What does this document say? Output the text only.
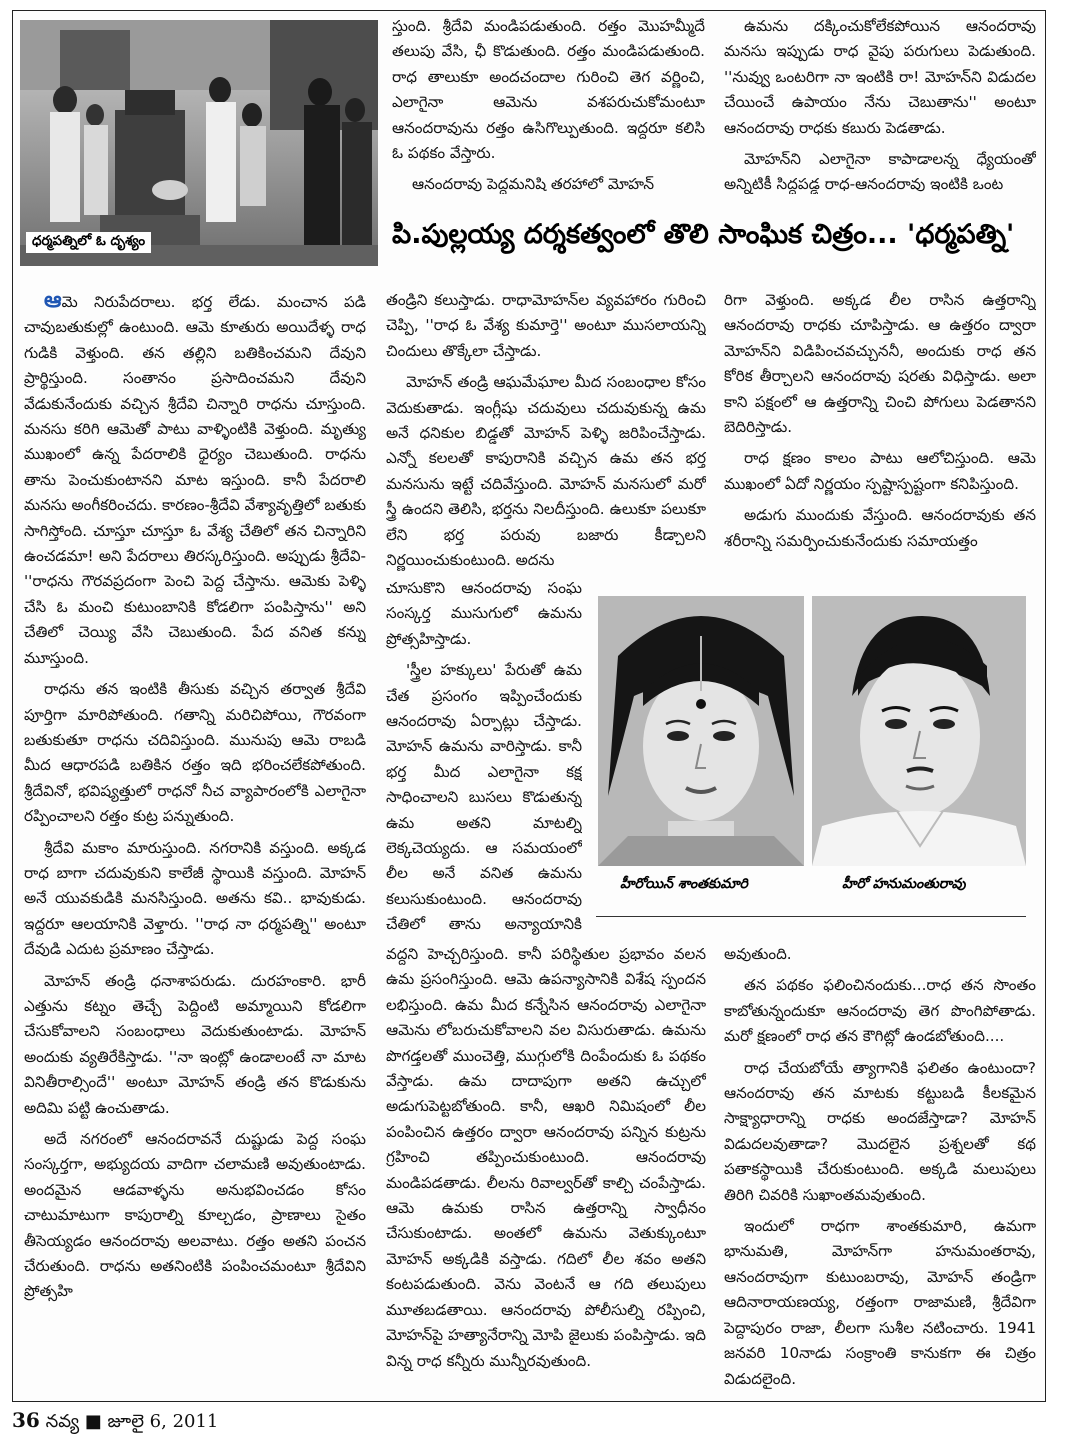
ధర్మపత్నిలో ఓ దృశ్యం

స్తుంది. శ్రీదేవి మండిపడుతుంది. రత్తం మొహమ్మీదే తలుపు వేసి, ఛీ కొడుతుంది. రత్తం మండిపడుతుంది. రాధ తాలుకూ అందచందాల గురించి తెగ వర్ణించి, ఎలాగైనా ఆమెను వశపరుచుకోమంటూ ఆనందరావును రత్తం ఉసిగొల్పుతుంది. ఇద్దరూ కలిసి ఓ పథకం వేస్తారు.

ఆనందరావు పెద్దమనిషి తరహాలో మోహన్

ఉమను దక్కించుకోలేకపోయిన ఆనందరావు మనసు ఇప్పుడు రాధ వైపు పరుగులు పెడుతుంది. ''నువ్వు ఒంటరిగా నా ఇంటికి రా! మోహన్‌ని విడుదల చేయించే ఉపాయం నేను చెబుతాను'' అంటూ ఆనందరావు రాధకు కబురు పెడతాడు.

మోహన్‌ని ఎలాగైనా కాపాడాలన్న ధ్యేయంతో అన్నిటికీ సిద్ధపడ్డ రాధ-ఆనందరావు ఇంటికి ఒంట

పి.పుల్లయ్య దర్శకత్వంలో తొలి సాంఘిక చిత్రం... 'ధర్మపత్ని'

ఆమె నిరుపేదరాలు. భర్త లేడు. మంచాన పడి చావుబతుకుల్లో ఉంటుంది. ఆమె కూతురు అయిదేళ్ళ రాధ గుడికి వెళ్తుంది. తన తల్లిని బతికించమని దేవుని ప్రార్థిస్తుంది. సంతానం ప్రసాదించమని దేవుని వేడుకునేందుకు వచ్చిన శ్రీదేవి చిన్నారి రాధను చూస్తుంది. మనసు కరిగి ఆమెతో పాటు వాళ్ళింటికి వెళ్తుంది. మృత్యు ముఖంలో ఉన్న పేదరాలికి ధైర్యం చెబుతుంది. రాధను తాను పెంచుకుంటానని మాట ఇస్తుంది. కానీ పేదరాలి మనసు అంగీకరించదు. కారణం-శ్రీదేవి వేశ్యావృత్తిలో బతుకు సాగిస్తోంది. చూస్తూ చూస్తూ ఓ వేశ్య చేతిలో తన చిన్నారిని ఉంచడమా! అని పేదరాలు తిరస్కరిస్తుంది. అప్పుడు శ్రీదేవి-''రాధను గౌరవప్రదంగా పెంచి పెద్ద చేస్తాను. ఆమెకు పెళ్ళి చేసి ఓ మంచి కుటుంబానికి కోడలిగా పంపిస్తాను'' అని చేతిలో చెయ్యి వేసి చెబుతుంది. పేద వనిత కన్ను మూస్తుంది.

రాధను తన ఇంటికి తీసుకు వచ్చిన తర్వాత శ్రీదేవి పూర్తిగా మారిపోతుంది. గతాన్ని మరిచిపోయి, గౌరవంగా బతుకుతూ రాధను చదివిస్తుంది. మునుపు ఆమె రాబడి మీద ఆధారపడి బతికిన రత్తం ఇది భరించలేకపోతుంది. శ్రీదేవినో, భవిష్యత్తులో రాధనో నీచ వ్యాపారంలోకి ఎలాగైనా రప్పించాలని రత్తం కుట్ర పన్నుతుంది.

శ్రీదేవి మకాం మారుస్తుంది. నగరానికి వస్తుంది. అక్కడ రాధ బాగా చదువుకుని కాలేజీ స్థాయికి వస్తుంది. మోహన్ అనే యువకుడికి మనసిస్తుంది. అతను కవి.. భావుకుడు. ఇద్దరూ ఆలయానికి వెళ్తారు. ''రాధ నా ధర్మపత్ని'' అంటూ దేవుడి ఎదుట ప్రమాణం చేస్తాడు.

మోహన్ తండ్రి ధనాశాపరుడు. దురహంకారి. భారీ ఎత్తును కట్నం తెచ్చే పెద్దింటి అమ్మాయిని కోడలిగా చేసుకోవాలని సంబంధాలు వెదుకుతుంటాడు. మోహన్ అందుకు వ్యతిరేకిస్తాడు. ''నా ఇంట్లో ఉండాలంటే నా మాట వినితీరాల్సిందే'' అంటూ మోహన్ తండ్రి తన కొడుకును అదిమి పట్టి ఉంచుతాడు.

అదే నగరంలో ఆనందరావనే దుష్టుడు పెద్ద సంఘ సంస్కర్తగా, అభ్యుదయ వాదిగా చలామణి అవుతుంటాడు. అందమైన ఆడవాళ్ళను అనుభవించడం కోసం చాటుమాటుగా కాపురాల్ని కూల్చడం, ప్రాణాలు సైతం తీసెయ్యడం ఆనందరావు అలవాటు. రత్తం అతని పంచన చేరుతుంది. రాధను అతనింటికి పంపించమంటూ శ్రీదేవిని ప్రోత్సహి

తండ్రిని కలుస్తాడు. రాధామోహన్‌ల వ్యవహారం గురించి చెప్పి, ''రాధ ఓ వేశ్య కుమార్తె'' అంటూ ముసలాయన్ని చిందులు తొక్కేలా చేస్తాడు.

మోహన్ తండ్రి ఆఘమేఘాల మీద సంబంధాల కోసం వెదుకుతాడు. ఇంగ్లీషు చదువులు చదువుకున్న ఉమ అనే ధనికుల బిడ్డతో మోహన్ పెళ్ళి జరిపించేస్తాడు. ఎన్నో కలలతో కాపురానికి వచ్చిన ఉమ తన భర్త మనసును ఇట్టే చదివేస్తుంది. మోహన్ మనసులో మరో స్త్రీ ఉందని తెలిసి, భర్తను నిలదీస్తుంది. ఉలుకూ పలుకూ లేని భర్త పరువు బజారు కీడ్చాలని నిర్ణయించుకుంటుంది. అదను

చూసుకొని ఆనందరావు సంఘ సంస్కర్త ముసుగులో ఉమను ప్రోత్సహిస్తాడు.

'స్త్రీల హక్కులు' పేరుతో ఉమ చేత ప్రసంగం ఇప్పించేందుకు ఆనందరావు ఏర్పాట్లు చేస్తాడు. మోహన్ ఉమను వారిస్తాడు. కానీ భర్త మీద ఎలాగైనా కక్ష సాధించాలని బుసలు కొడుతున్న ఉమ అతని మాటల్ని లెక్కచెయ్యదు. ఆ సమయంలో లీల అనే వనిత ఉమను కలుసుకుంటుంది. ఆనందరావు చేతిలో తాను అన్యాయానికి

వద్దని హెచ్చరిస్తుంది. కానీ పరిస్థితుల ప్రభావం వలన ఉమ ప్రసంగిస్తుంది. ఆమె ఉపన్యాసానికి విశేష స్పందన లభిస్తుంది. ఉమ మీద కన్నేసిన ఆనందరావు ఎలాగైనా ఆమెను లోబరుచుకోవాలని వల విసురుతాడు. ఉమను పొగడ్తలతో ముంచెత్తి, ముగ్గులోకి దింపేందుకు ఓ పథకం వేస్తాడు. ఉమ దాదాపుగా అతని ఉచ్చులో అడుగుపెట్టబోతుంది. కానీ, ఆఖరి నిమిషంలో లీల పంపించిన ఉత్తరం ద్వారా ఆనందరావు పన్నిన కుట్రను గ్రహించి తప్పించుకుంటుంది. ఆనందరావు మండిపడతాడు. లీలను రివాల్వర్‌తో కాల్చి చంపేస్తాడు. ఆమె ఉమకు రాసిన ఉత్తరాన్ని స్వాధీనం చేసుకుంటాడు. అంతలో ఉమను వెతుక్కుంటూ మోహన్ అక్కడికి వస్తాడు. గదిలో లీల శవం అతని కంటపడుతుంది. వెను వెంటనే ఆ గది తలుపులు మూతబడతాయి. ఆనందరావు పోలీసుల్ని రప్పించి, మోహన్‌పై హత్యానేరాన్ని మోపి జైలుకు పంపిస్తాడు. ఇది విన్న రాధ కన్నీరు మున్నీరవుతుంది.

రిగా వెళ్తుంది. అక్కడ లీల రాసిన ఉత్తరాన్ని ఆనందరావు రాధకు చూపిస్తాడు. ఆ ఉత్తరం ద్వారా మోహన్‌ని విడిపించవచ్చుననీ, అందుకు రాధ తన కోరిక తీర్చాలని ఆనందరావు షరతు విధిస్తాడు. అలా కాని పక్షంలో ఆ ఉత్తరాన్ని చించి పోగులు పెడతానని బెదిరిస్తాడు.

రాధ క్షణం కాలం పాటు ఆలోచిస్తుంది. ఆమె ముఖంలో ఏదో నిర్ణయం స్పష్టాస్పష్టంగా కనిపిస్తుంది.

అడుగు ముందుకు వేస్తుంది. ఆనందరావుకు తన శరీరాన్ని సమర్పించుకునేందుకు సమాయత్తం

హీరోయిన్ శాంతకుమారి	హీరో హనుమంతురావు

అవుతుంది.

తన పథకం ఫలించినందుకు...రాధ తన సొంతం కాబోతున్నందుకూ ఆనందరావు తెగ పొంగిపోతాడు. మరో క్షణంలో రాధ తన కౌగిట్లో ఉండబోతుంది....

రాధ చేయబోయే త్యాగానికి ఫలితం ఉంటుందా? ఆనందరావు తన మాటకు కట్టుబడి కీలకమైన సాక్ష్యాధారాన్ని రాధకు అందజేస్తాడా? మోహన్ విడుదలవుతాడా? మొదలైన ప్రశ్నలతో కథ పతాకస్థాయికి చేరుకుంటుంది. అక్కడి మలుపులు తిరిగి చివరికి సుఖాంతమవుతుంది.

ఇందులో రాధగా శాంతకుమారి, ఉమగా భానుమతి, మోహన్‌గా హనుమంతరావు, ఆనందరావుగా కుటుంబరావు, మోహన్ తండ్రిగా ఆదినారాయణయ్య, రత్తంగా రాజామణి, శ్రీదేవిగా పెద్దాపురం రాజా, లీలగా సుశీల నటించారు. 1941 జనవరి 10నాడు సంక్రాంతి కానుకగా ఈ చిత్రం విడుదలైంది.

36 నవ్య ■ జూలై 6, 2011
